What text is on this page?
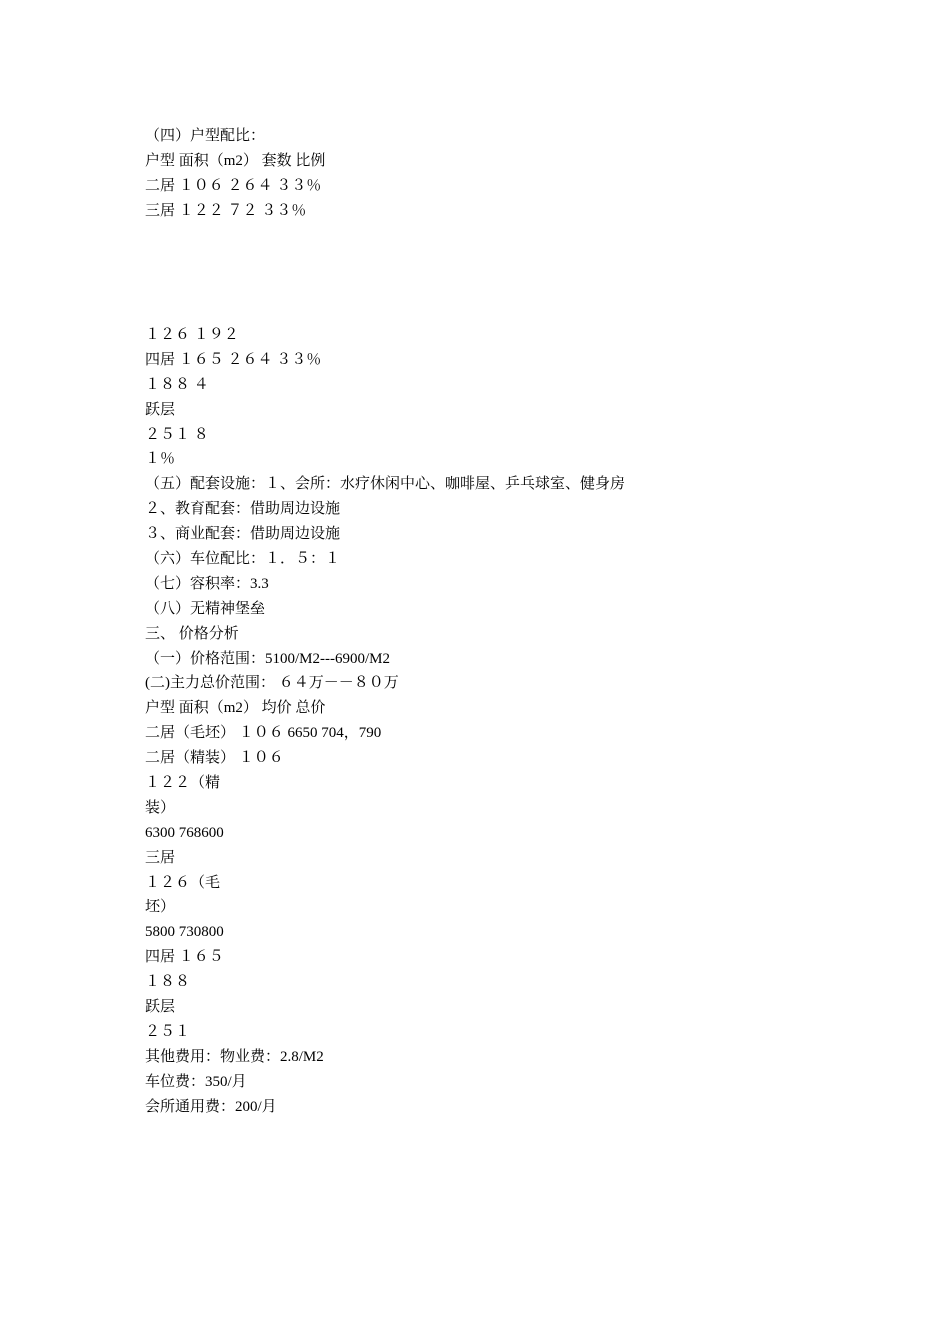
（四）户型配比：
户型 面积（m2） 套数 比例
二居 １０６ ２６４ ３３％
三居 １２２ ７２ ３３％
１２６ １９２
四居 １６５ ２６４ ３３％
１８８ ４
跃层
２５１ ８
１％
（五）配套设施：１、会所：水疗休闲中心、咖啡屋、乒乓球室、健身房
２、教育配套：借助周边设施
３、商业配套：借助周边设施
（六）车位配比：１．５：１
（七）容积率：3.3
（八）无精神堡垒
三、 价格分析
（一）价格范围：5100/M2---6900/M2
(二)主力总价范围： ６４万－－８０万
户型 面积（m2） 均价 总价
二居（毛坯） １０６ 6650 704，790
二居（精装） １０６
１２２（精
装）
6300 768600
三居
１２６（毛
坯）
5800 730800
四居 １６５
１８８
跃层
２５１
其他费用：物业费：2.8/M2
车位费：350/月
会所通用费：200/月
